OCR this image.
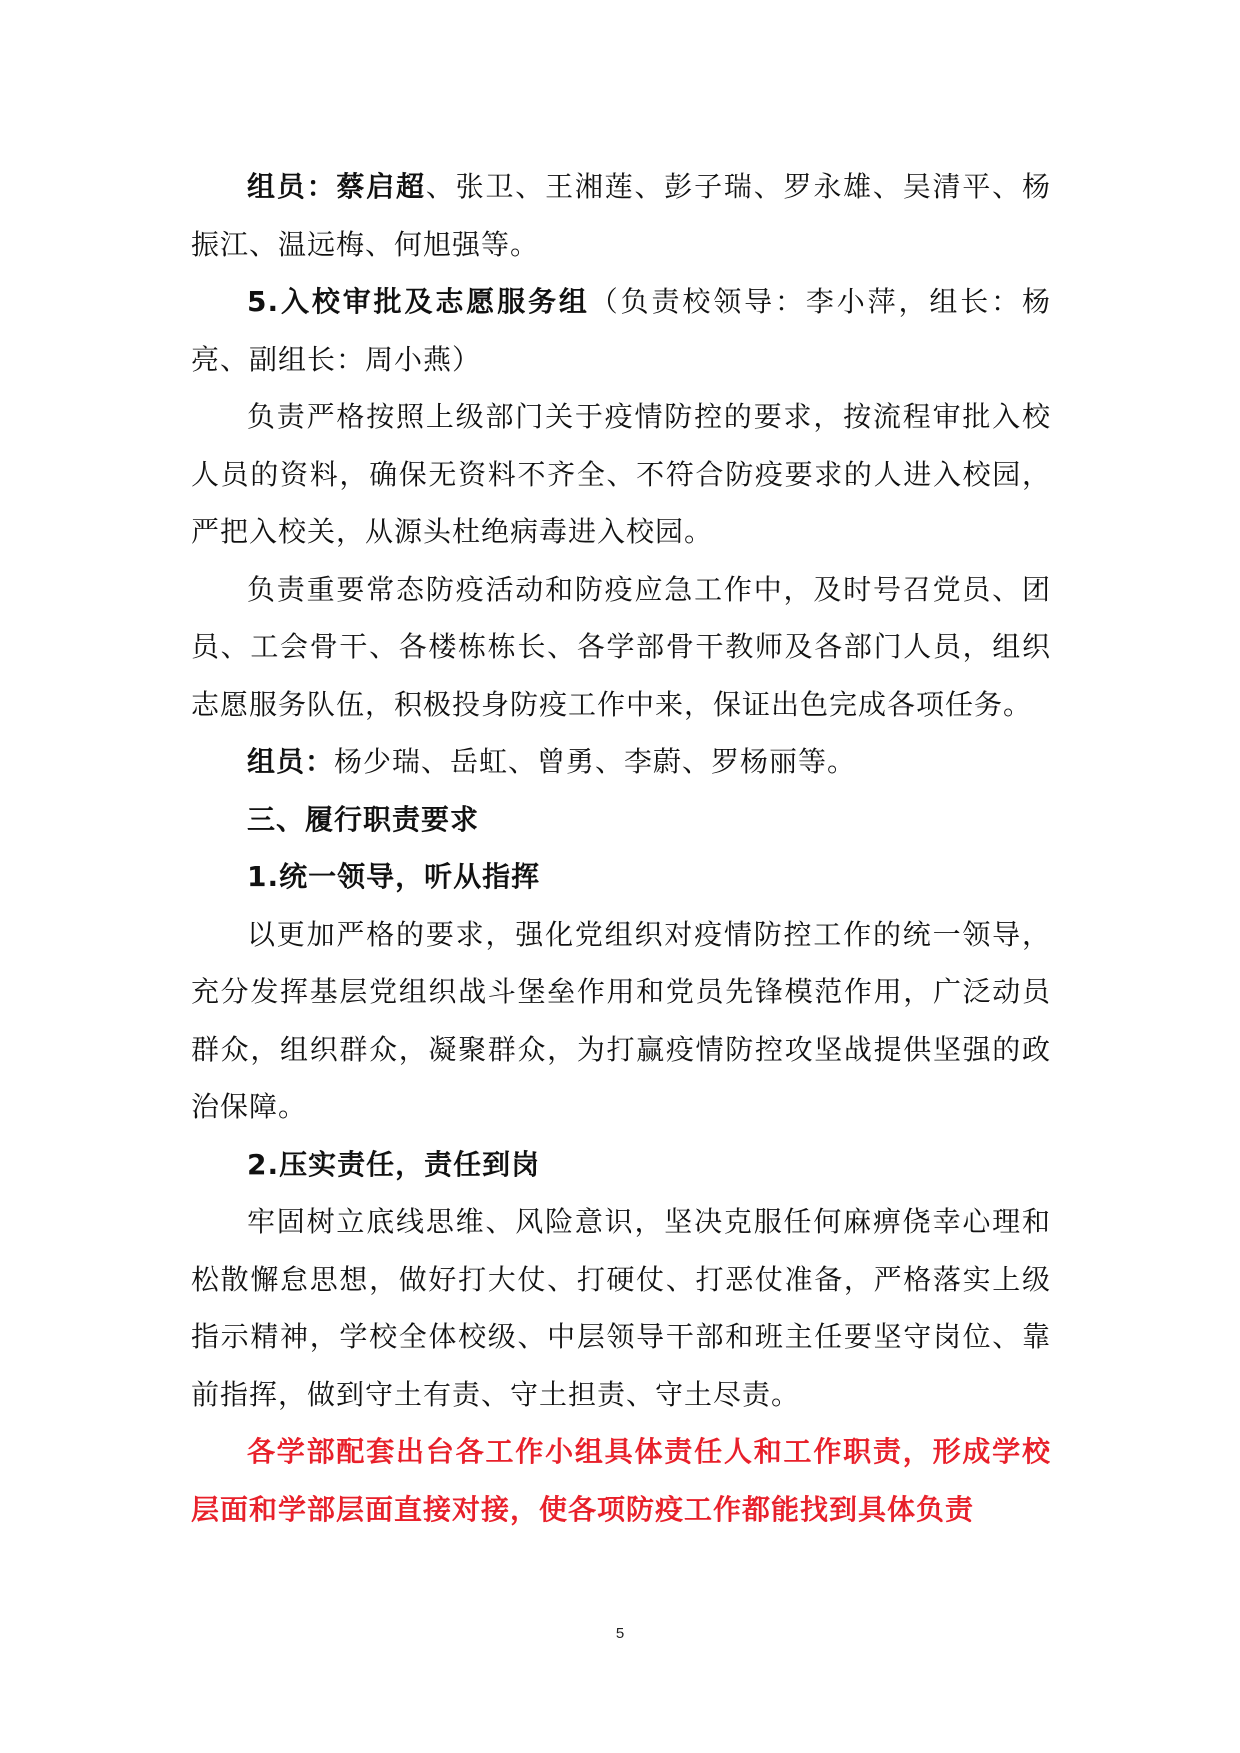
组员：蔡启超、张卫、王湘莲、彭子瑞、罗永雄、吴清平、杨振江、温远梅、何旭强等。

5.入校审批及志愿服务组（负责校领导：李小萍，组长：杨亮、副组长：周小燕）

负责严格按照上级部门关于疫情防控的要求，按流程审批入校人员的资料，确保无资料不齐全、不符合防疫要求的人进入校园，严把入校关，从源头杜绝病毒进入校园。

负责重要常态防疫活动和防疫应急工作中，及时号召党员、团员、工会骨干、各楼栋栋长、各学部骨干教师及各部门人员，组织志愿服务队伍，积极投身防疫工作中来，保证出色完成各项任务。

组员：杨少瑞、岳虹、曾勇、李蔚、罗杨丽等。

三、履行职责要求

1.统一领导，听从指挥

以更加严格的要求，强化党组织对疫情防控工作的统一领导，充分发挥基层党组织战斗堡垒作用和党员先锋模范作用，广泛动员群众，组织群众，凝聚群众，为打赢疫情防控攻坚战提供坚强的政治保障。

2.压实责任，责任到岗

牢固树立底线思维、风险意识，坚决克服任何麻痹侥幸心理和松散懈怠思想，做好打大仗、打硬仗、打恶仗准备，严格落实上级指示精神，学校全体校级、中层领导干部和班主任要坚守岗位、靠前指挥，做到守土有责、守土担责、守土尽责。

各学部配套出台各工作小组具体责任人和工作职责，形成学校层面和学部层面直接对接，使各项防疫工作都能找到具体负责

5
